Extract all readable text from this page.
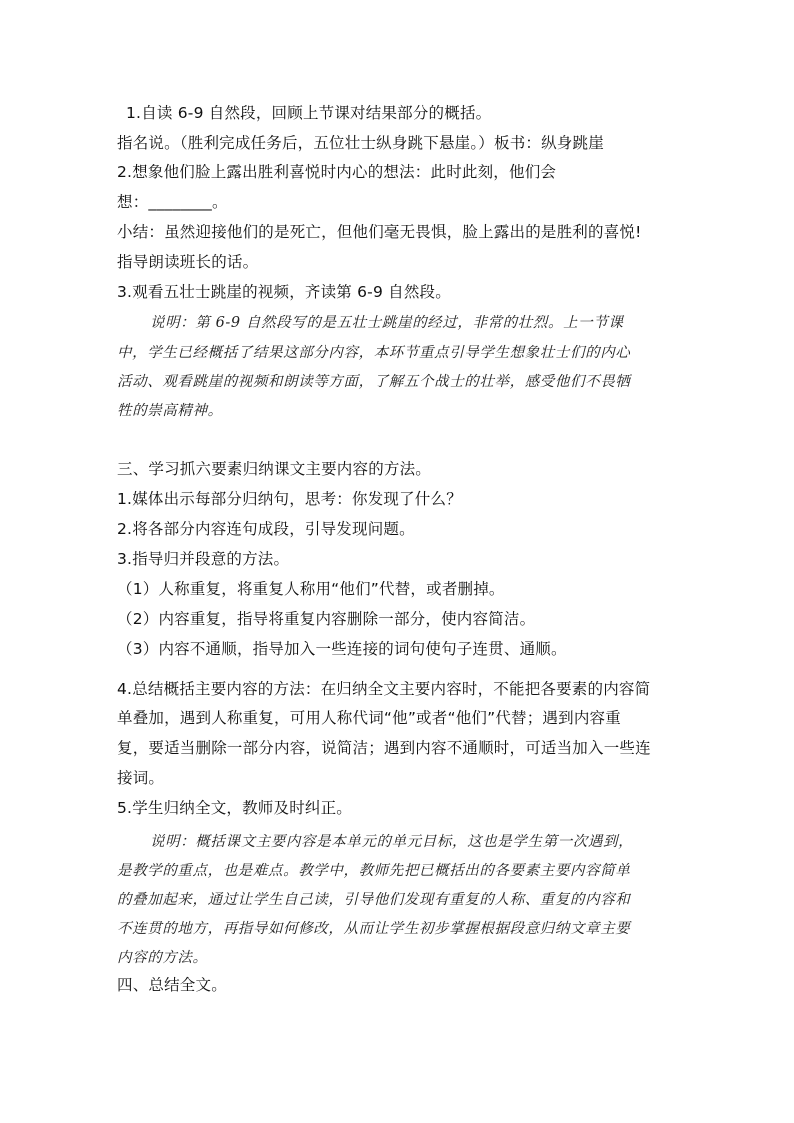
1.自读 6-9 自然段，回顾上节课对结果部分的概括。
指名说。（胜利完成任务后，五位壮士纵身跳下悬崖。）板书：纵身跳崖
2.想象他们脸上露出胜利喜悦时内心的想法：此时此刻，他们会
想：________。
小结：虽然迎接他们的是死亡，但他们毫无畏惧，脸上露出的是胜利的喜悦!
指导朗读班长的话。
3.观看五壮士跳崖的视频，齐读第 6-9 自然段。
说明：第 6-9 自然段写的是五壮士跳崖的经过，非常的壮烈。上一节课
中，学生已经概括了结果这部分内容，本环节重点引导学生想象壮士们的内心
活动、观看跳崖的视频和朗读等方面，了解五个战士的壮举，感受他们不畏牺
牲的崇高精神。
三、学习抓六要素归纳课文主要内容的方法。
1.媒体出示每部分归纳句，思考：你发现了什么？
2.将各部分内容连句成段，引导发现问题。
3.指导归并段意的方法。
（1）人称重复，将重复人称用“他们”代替，或者删掉。
（2）内容重复，指导将重复内容删除一部分，使内容简洁。
（3）内容不通顺，指导加入一些连接的词句使句子连贯、通顺。
4.总结概括主要内容的方法：在归纳全文主要内容时，不能把各要素的内容简
单叠加，遇到人称重复，可用人称代词“他”或者“他们”代替；遇到内容重
复，要适当删除一部分内容，说简洁；遇到内容不通顺时，可适当加入一些连
接词。
5.学生归纳全文，教师及时纠正。
说明：概括课文主要内容是本单元的单元目标，这也是学生第一次遇到，
是教学的重点，也是难点。教学中，教师先把已概括出的各要素主要内容简单
的叠加起来，通过让学生自己读，引导他们发现有重复的人称、重复的内容和
不连贯的地方，再指导如何修改，从而让学生初步掌握根据段意归纳文章主要
内容的方法。
四、总结全文。
